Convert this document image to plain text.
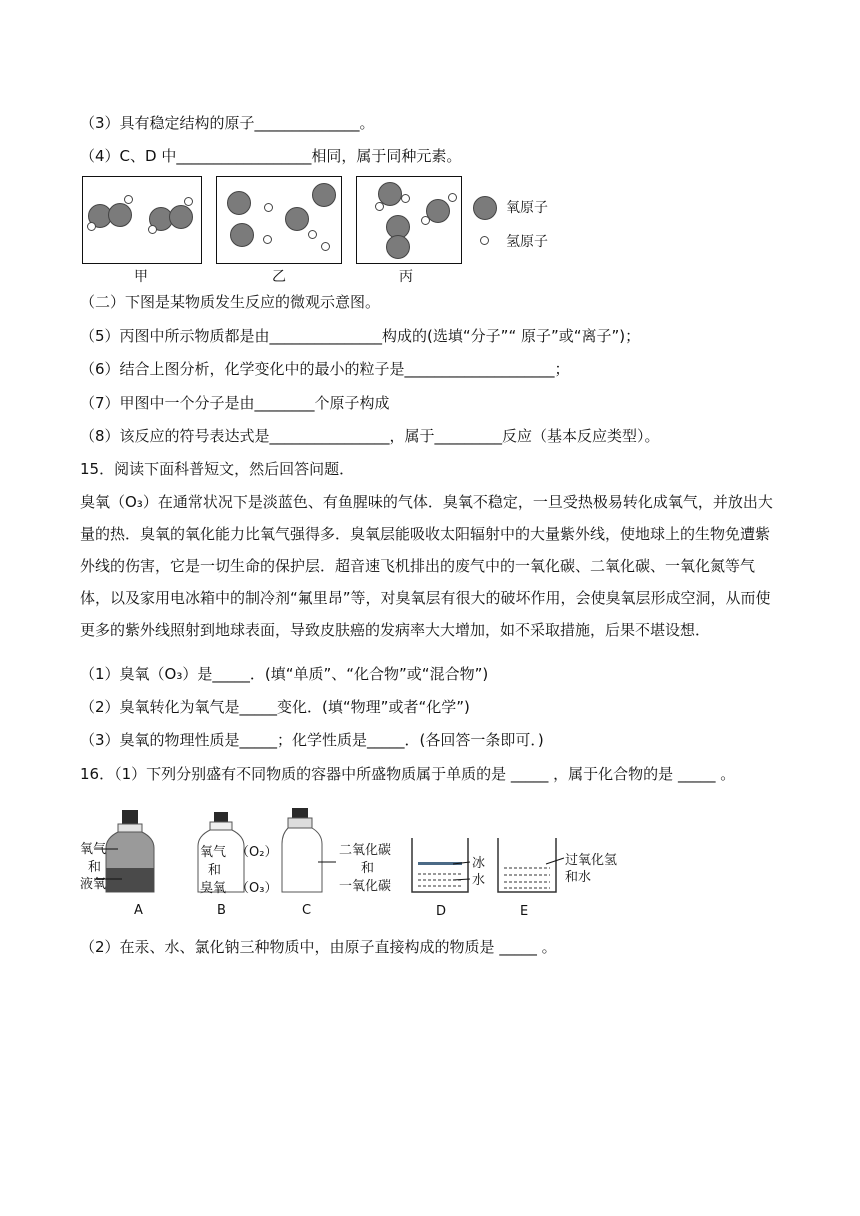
（3）具有稳定结构的原子______________。
（4）C、D 中__________________相同，属于同种元素。
甲	乙	丙
氧原子
氢原子
（二）下图是某物质发生反应的微观示意图。
（5）丙图中所示物质都是由_______________构成的(选填“分子”“ 原子”或“离子”)；
（6）结合上图分析，化学变化中的最小的粒子是____________________；
（7）甲图中一个分子是由________个原子构成
（8）该反应的符号表达式是________________，属于_________反应（基本反应类型）。
15．阅读下面科普短文，然后回答问题．
臭氧（O₃）在通常状况下是淡蓝色、有鱼腥味的气体．臭氧不稳定，一旦受热极易转化成氧气，并放出大量的热．臭氧的氧化能力比氧气强得多．臭氧层能吸收太阳辐射中的大量紫外线，使地球上的生物免遭紫外线的伤害，它是一切生命的保护层．超音速飞机排出的废气中的一氧化碳、二氧化碳、一氧化氮等气体，以及家用电冰箱中的制冷剂“氟里昂”等，对臭氧层有很大的破坏作用，会使臭氧层形成空洞，从而使更多的紫外线照射到地球表面，导致皮肤癌的发病率大大增加，如不采取措施，后果不堪设想．
（1）臭氧（O₃）是_____．(填“单质”、“化合物”或“混合物”)
（2）臭氧转化为氧气是_____变化．(填“物理”或者“化学”)
（3）臭氧的物理性质是_____；化学性质是_____．(各回答一条即可．)
16．（1）下列分别盛有不同物质的容器中所盛物质属于单质的是 _____ ，属于化合物的是 _____ 。
氧气
和
液氧
A
氧气
和
臭氧
（O₂）
（O₃）
B
二氧化碳
和
一氧化碳
C
冰
水
D
过氧化氢
和水
E
（2）在汞、水、氯化钠三种物质中，由原子直接构成的物质是 _____ 。
